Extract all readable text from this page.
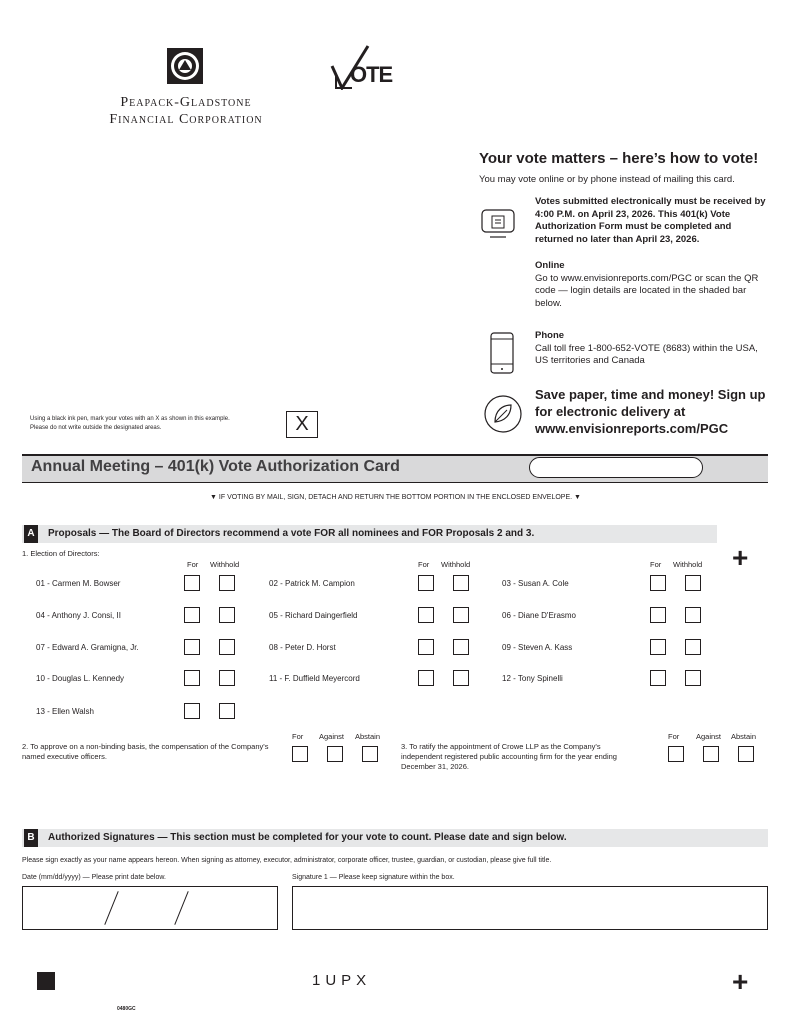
Peapack-Gladstone
Financial Corporation
OTE
Your vote matters – here’s how to vote!
You may vote online or by phone instead of mailing this card.
Votes submitted electronically must be received by 4:00 P.M. on April 23, 2026. This 401(k) Vote Authorization Form must be completed and returned no later than April 23, 2026.
Online
Go to www.envisionreports.com/PGC or scan the QR code — login details are located in the shaded bar below.
Phone
Call toll free 1-800-652-VOTE (8683) within the USA, US territories and Canada
Save paper, time and money! Sign up for electronic delivery at www.envisionreports.com/PGC
Using a black ink pen, mark your votes with an X as shown in this example.
Please do not write outside the designated areas.	X
Annual Meeting – 401(k) Vote Authorization Card
▼ IF VOTING BY MAIL, SIGN, DETACH AND RETURN THE BOTTOM PORTION IN THE ENCLOSED ENVELOPE. ▼
A	Proposals — The Board of Directors recommend a vote FOR all nominees and FOR Proposals 2 and 3.
+
1. Election of Directors:
For Withhold	For Withhold	For Withhold
01 - Carmen M. Bowser	02 - Patrick M. Campion	03 - Susan A. Cole
04 - Anthony J. Consi, II	05 - Richard Daingerfield	06 - Diane D'Erasmo
07 - Edward A. Gramigna, Jr.	08 - Peter D. Horst	09 - Steven A. Kass
10 - Douglas L. Kennedy	11 - F. Duffield Meyercord	12 - Tony Spinelli
13 - Ellen Walsh
2. To approve on a non-binding basis, the compensation of the Company's named executive officers.
For Against Abstain
3. To ratify the appointment of Crowe LLP as the Company's independent registered public accounting firm for the year ending December 31, 2026.
For Against Abstain
B	Authorized Signatures — This section must be completed for your vote to count. Please date and sign below.
Please sign exactly as your name appears hereon. When signing as attorney, executor, administrator, corporate officer, trustee, guardian, or custodian, please give full title.
Date (mm/dd/yyyy) — Please print date below.	Signature 1 — Please keep signature within the box.
1UPX	+
0480GC
